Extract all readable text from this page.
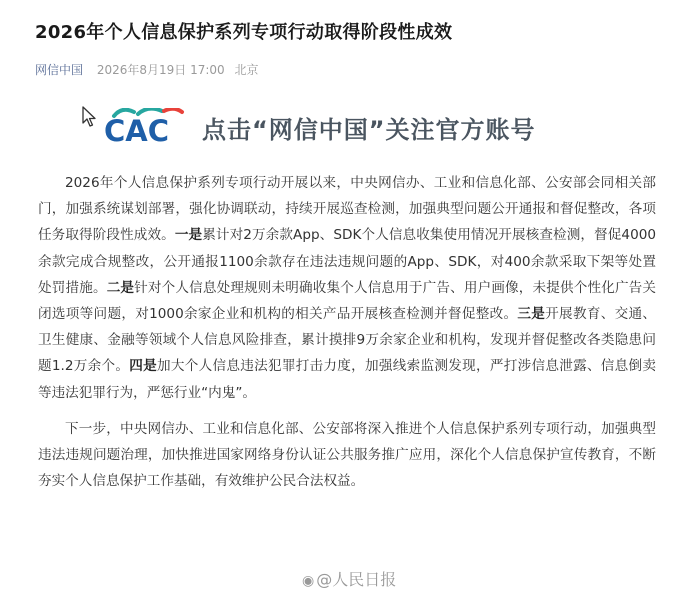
2026年个人信息保护系列专项行动取得阶段性成效
网信中国 2026年8月19日 17:00 北京
CAC 点击“网信中国”关注官方账号

2026年个人信息保护系列专项行动开展以来，中央网信办、工业和信息化部、公安部会同相关部门，加强系统谋划部署，强化协调联动，持续开展巡查检测，加强典型问题公开通报和督促整改，各项任务取得阶段性成效。一是累计对2万余款App、SDK个人信息收集使用情况开展核查检测，督促4000余款完成合规整改，公开通报1100余款存在违法违规问题的App、SDK，对400余款采取下架等处置处罚措施。二是针对个人信息处理规则未明确收集个人信息用于广告、用户画像，未提供个性化广告关闭选项等问题，对1000余家企业和机构的相关产品开展核查检测并督促整改。三是开展教育、交通、卫生健康、金融等领域个人信息风险排查，累计摸排9万余家企业和机构，发现并督促整改各类隐患问题1.2万余个。四是加大个人信息违法犯罪打击力度，加强线索监测发现，严打涉信息泄露、信息倒卖等违法犯罪行为，严惩行业“内鬼”。

下一步，中央网信办、工业和信息化部、公安部将深入推进个人信息保护系列专项行动，加强典型违法违规问题治理，加快推进国家网络身份认证公共服务推广应用，深化个人信息保护宣传教育，不断夯实个人信息保护工作基础，有效维护公民合法权益。

◉ @人民日报
